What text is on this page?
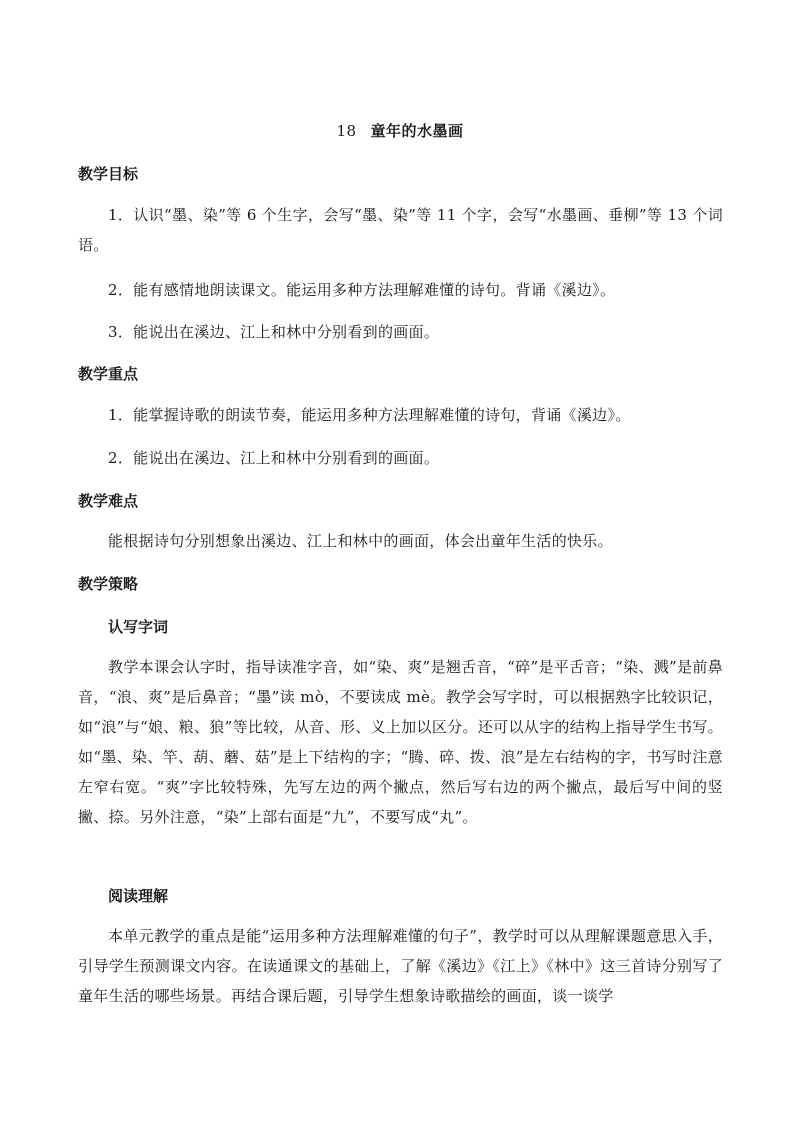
18 童年的水墨画
教学目标
1．认识“墨、染”等 6 个生字，会写“墨、染”等 11 个字，会写“水墨画、垂柳”等 13 个词语。
2．能有感情地朗读课文。能运用多种方法理解难懂的诗句。背诵《溪边》。
3．能说出在溪边、江上和林中分别看到的画面。
教学重点
1．能掌握诗歌的朗读节奏，能运用多种方法理解难懂的诗句，背诵《溪边》。
2．能说出在溪边、江上和林中分别看到的画面。
教学难点
能根据诗句分别想象出溪边、江上和林中的画面，体会出童年生活的快乐。
教学策略
认写字词
教学本课会认字时，指导读准字音，如“染、爽”是翘舌音，“碎”是平舌音；“染、溅”是前鼻音，“浪、爽”是后鼻音；“墨”读 mò，不要读成 mè。教学会写字时，可以根据熟字比较识记，如“浪”与“娘、粮、狼”等比较，从音、形、义上加以区分。还可以从字的结构上指导学生书写。如“墨、染、竿、葫、蘑、菇”是上下结构的字；“腾、碎、拨、浪”是左右结构的字，书写时注意左窄右宽。“爽”字比较特殊，先写左边的两个撇点，然后写右边的两个撇点，最后写中间的竖撇、捺。另外注意，“染”上部右面是“九”，不要写成“丸”。
阅读理解
本单元教学的重点是能“运用多种方法理解难懂的句子”，教学时可以从理解课题意思入手，引导学生预测课文内容。在读通课文的基础上，了解《溪边》《江上》《林中》这三首诗分别写了童年生活的哪些场景。再结合课后题，引导学生想象诗歌描绘的画面，谈一谈学
